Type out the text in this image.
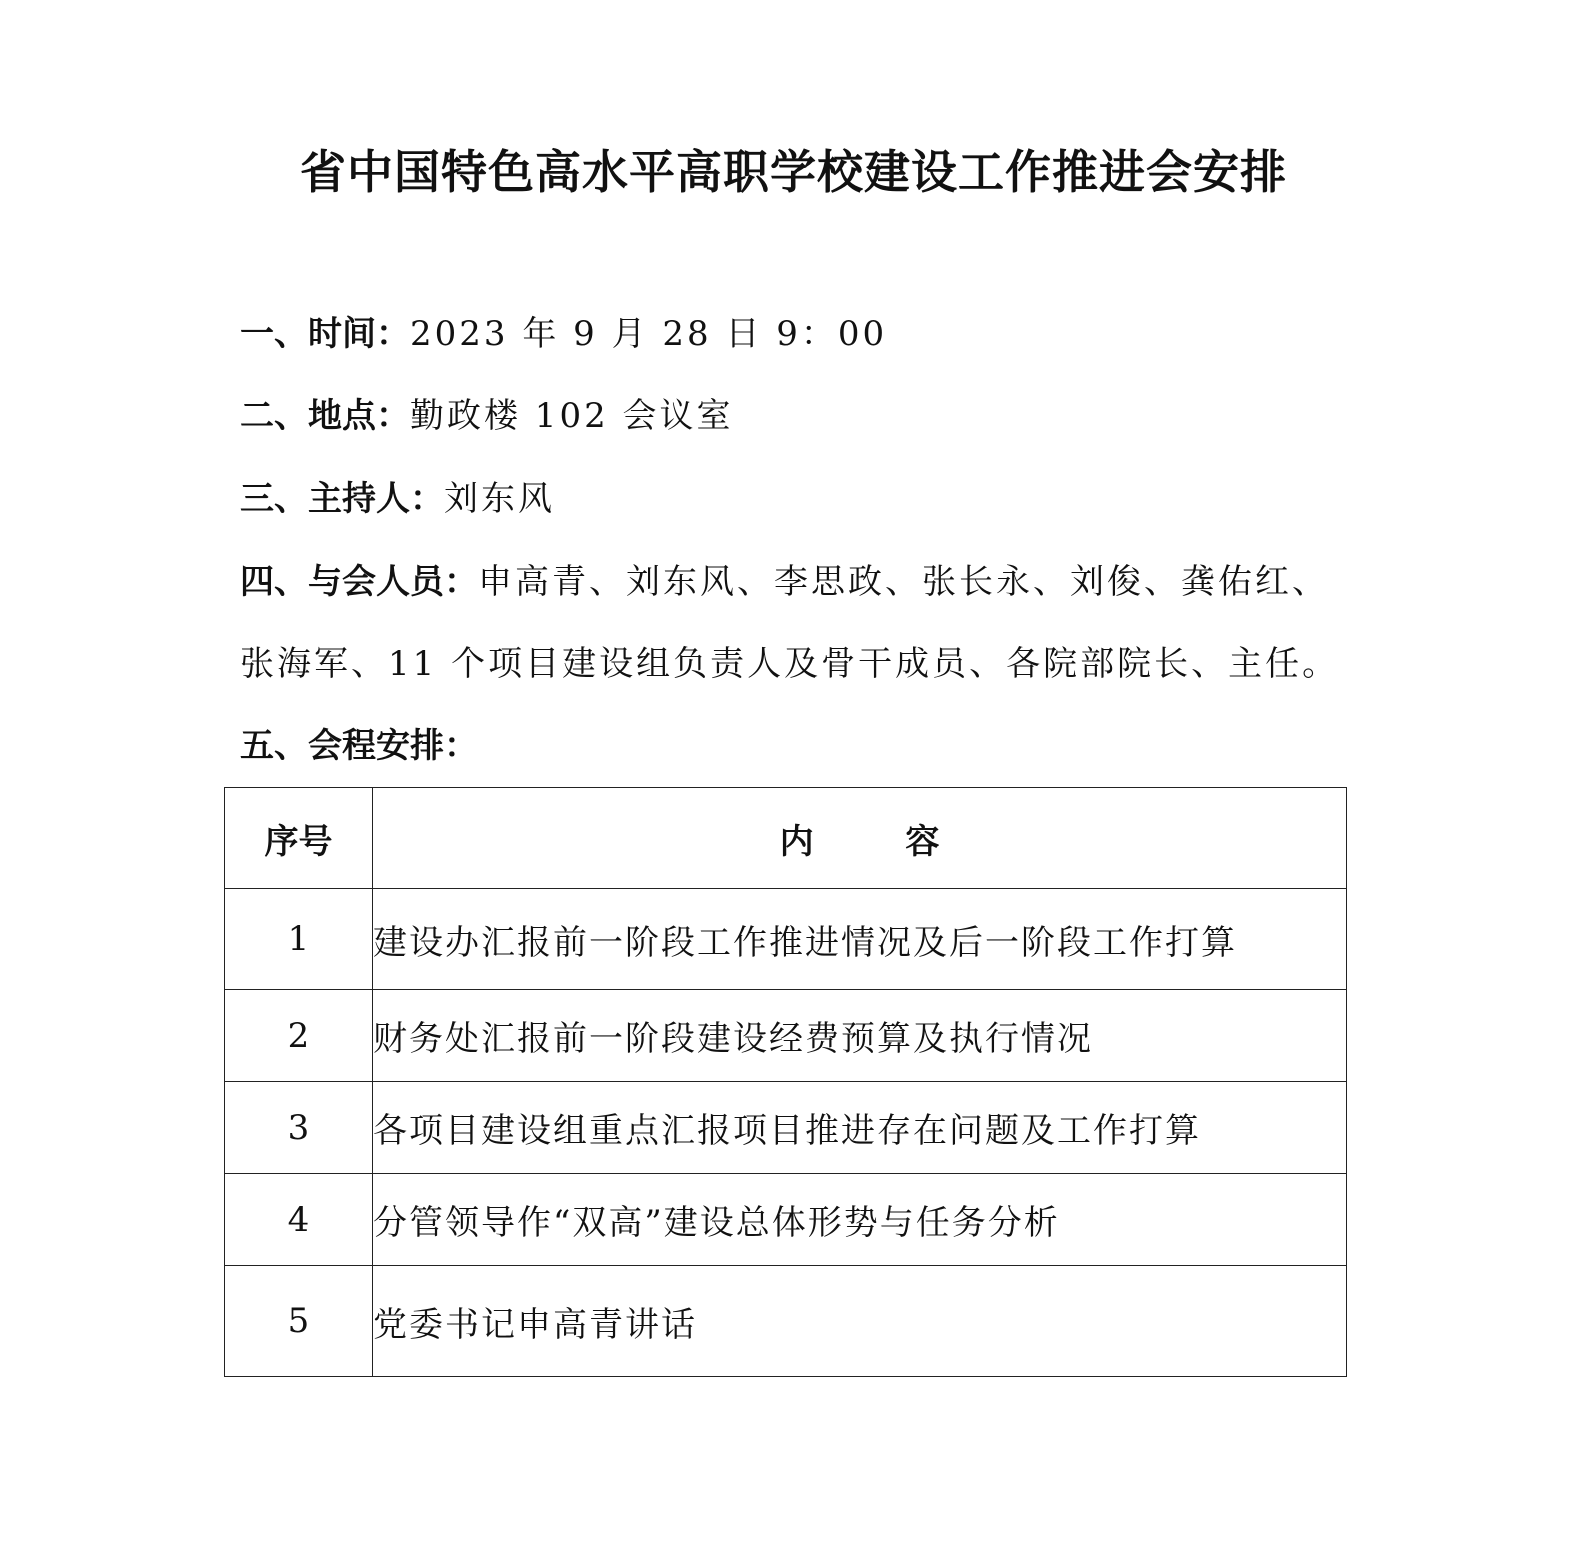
省中国特色高水平高职学校建设工作推进会安排
一、时间：2023 年 9 月 28 日 9：00
二、地点：勤政楼 102 会议室
三、主持人：刘东风
四、与会人员：申高青、刘东风、李思政、张长永、刘俊、龚佑红、
张海军、11 个项目建设组负责人及骨干成员、各院部院长、主任。
五、会程安排：
序号	内 容
1	建设办汇报前一阶段工作推进情况及后一阶段工作打算
2	财务处汇报前一阶段建设经费预算及执行情况
3	各项目建设组重点汇报项目推进存在问题及工作打算
4	分管领导作“双高”建设总体形势与任务分析
5	党委书记申高青讲话
